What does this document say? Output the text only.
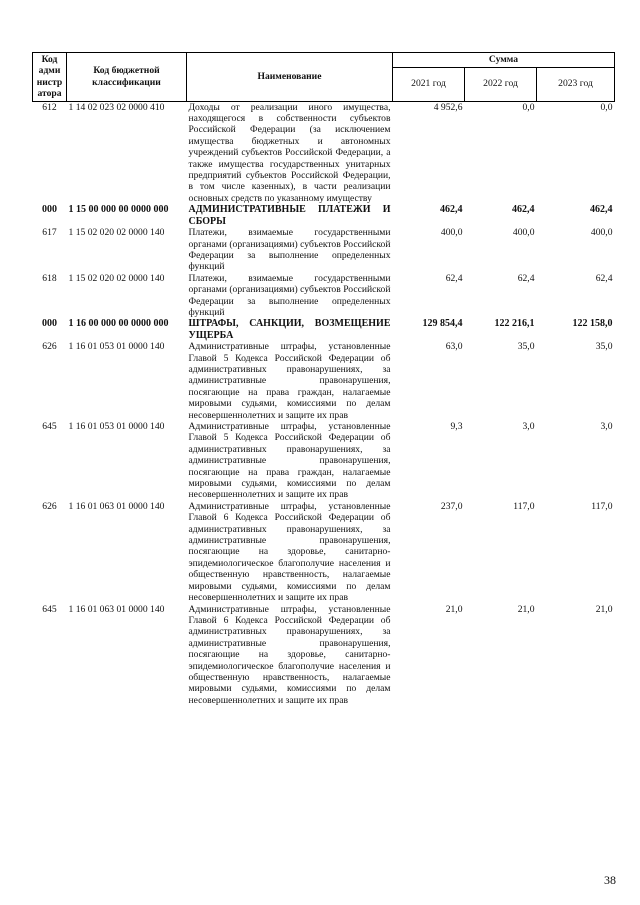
Код адми нистр атора	Код бюджетной классификации	Наименование	Сумма		
			2021 год	2022 год	2023 год
612	1 14 02 023 02 0000 410	Доходы от реализации иного имущества, находящегося в собственности субъектов Российской Федерации (за исключением имущества бюджетных и автономных учреждений субъектов Российской Федерации, а также имущества государственных унитарных предприятий субъектов Российской Федерации, в том числе казенных), в части реализации основных средств по указанному имуществу	4 952,6	0,0	0,0
000	1 15 00 000 00 0000 000	АДМИНИСТРАТИВНЫЕ ПЛАТЕЖИ И СБОРЫ	462,4	462,4	462,4
617	1 15 02 020 02 0000 140	Платежи, взимаемые государственными органами (организациями) субъектов Российской Федерации за выполнение определенных функций	400,0	400,0	400,0
618	1 15 02 020 02 0000 140	Платежи, взимаемые государственными органами (организациями) субъектов Российской Федерации за выполнение определенных функций	62,4	62,4	62,4
000	1 16 00 000 00 0000 000	ШТРАФЫ, САНКЦИИ, ВОЗМЕЩЕНИЕ УЩЕРБА	129 854,4	122 216,1	122 158,0
626	1 16 01 053 01 0000 140	Административные штрафы, установленные Главой 5 Кодекса Российской Федерации об административных правонарушениях, за административные правонарушения, посягающие на права граждан, налагаемые мировыми судьями, комиссиями по делам несовершеннолетних и защите их прав	63,0	35,0	35,0
645	1 16 01 053 01 0000 140	Административные штрафы, установленные Главой 5 Кодекса Российской Федерации об административных правонарушениях, за административные правонарушения, посягающие на права граждан, налагаемые мировыми судьями, комиссиями по делам несовершеннолетних и защите их прав	9,3	3,0	3,0
626	1 16 01 063 01 0000 140	Административные штрафы, установленные Главой 6 Кодекса Российской Федерации об административных правонарушениях, за административные правонарушения, посягающие на здоровье, санитарно-эпидемиологическое благополучие населения и общественную нравственность, налагаемые мировыми судьями, комиссиями по делам несовершеннолетних и защите их прав	237,0	117,0	117,0
645	1 16 01 063 01 0000 140	Административные штрафы, установленные Главой 6 Кодекса Российской Федерации об административных правонарушениях, за административные правонарушения, посягающие на здоровье, санитарно-эпидемиологическое благополучие населения и общественную нравственность, налагаемые мировыми судьями, комиссиями по делам несовершеннолетних и защите их прав	21,0	21,0	21,0
38
